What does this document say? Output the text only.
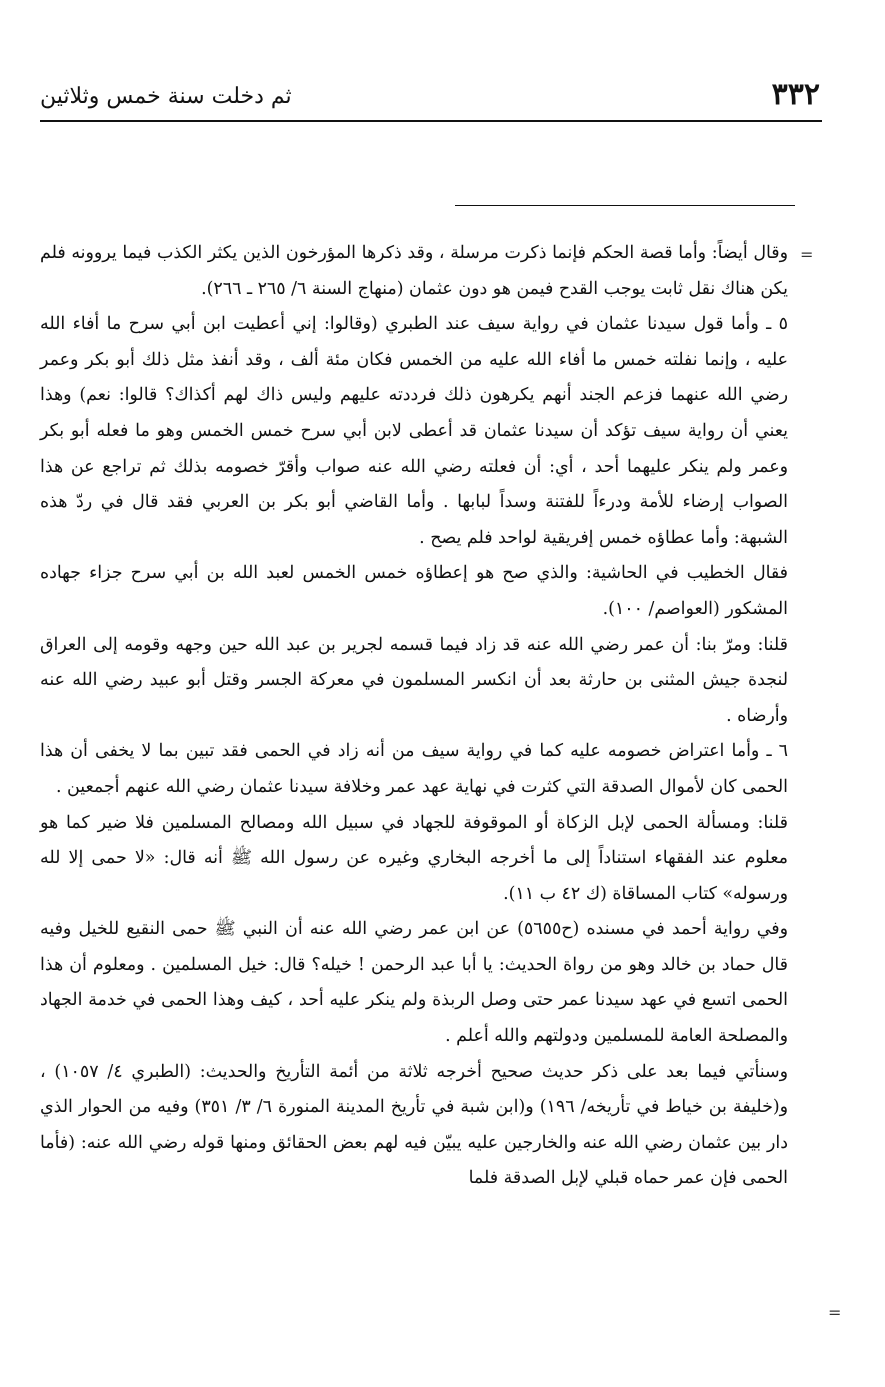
٣٣٢
ثم دخلت سنة خمس وثلاثين
=

وقال أيضاً: وأما قصة الحكم فإنما ذكرت مرسلة ، وقد ذكرها المؤرخون الذين يكثر الكذب فيما يروونه فلم يكن هناك نقل ثابت يوجب القدح فيمن هو دون عثمان (منهاج السنة ٦/ ٢٦٥ ـ ٢٦٦).

٥ ـ وأما قول سيدنا عثمان في رواية سيف عند الطبري (وقالوا: إني أعطيت ابن أبي سرح ما أفاء الله عليه ، وإنما نفلته خمس ما أفاء الله عليه من الخمس فكان مئة ألف ، وقد أنفذ مثل ذلك أبو بكر وعمر رضي الله عنهما فزعم الجند أنهم يكرهون ذلك فرددته عليهم وليس ذاك لهم أكذاك؟ قالوا: نعم) وهذا يعني أن رواية سيف تؤكد أن سيدنا عثمان قد أعطى لابن أبي سرح خمس الخمس وهو ما فعله أبو بكر وعمر ولم ينكر عليهما أحد ، أي: أن فعلته رضي الله عنه صواب وأقرّ خصومه بذلك ثم تراجع عن هذا الصواب إرضاء للأمة ودرءاً للفتنة وسداً لبابها . وأما القاضي أبو بكر بن العربي فقد قال في ردّ هذه الشبهة: وأما عطاؤه خمس إفريقية لواحد فلم يصح .

فقال الخطيب في الحاشية: والذي صح هو إعطاؤه خمس الخمس لعبد الله بن أبي سرح جزاء جهاده المشكور (العواصم/ ١٠٠).

قلنا: ومرّ بنا: أن عمر رضي الله عنه قد زاد فيما قسمه لجرير بن عبد الله حين وجهه وقومه إلى العراق لنجدة جيش المثنى بن حارثة بعد أن انكسر المسلمون في معركة الجسر وقتل أبو عبيد رضي الله عنه وأرضاه .

٦ ـ وأما اعتراض خصومه عليه كما في رواية سيف من أنه زاد في الحمى فقد تبين بما لا يخفى أن هذا الحمى كان لأموال الصدقة التي كثرت في نهاية عهد عمر وخلافة سيدنا عثمان رضي الله عنهم أجمعين .

قلنا: ومسألة الحمى لإبل الزكاة أو الموقوفة للجهاد في سبيل الله ومصالح المسلمين فلا ضير كما هو معلوم عند الفقهاء استناداً إلى ما أخرجه البخاري وغيره عن رسول الله ﷺ أنه قال: «لا حمى إلا لله ورسوله» كتاب المساقاة (ك ٤٢ ب ١١).

وفي رواية أحمد في مسنده (ح٥٦٥٥) عن ابن عمر رضي الله عنه أن النبي ﷺ حمى النقيع للخيل وفيه قال حماد بن خالد وهو من رواة الحديث: يا أبا عبد الرحمن ! خيله؟ قال: خيل المسلمين . ومعلوم أن هذا الحمى اتسع في عهد سيدنا عمر حتى وصل الربذة ولم ينكر عليه أحد ، كيف وهذا الحمى في خدمة الجهاد والمصلحة العامة للمسلمين ودولتهم والله أعلم .

وسنأتي فيما بعد على ذكر حديث صحيح أخرجه ثلاثة من أئمة التأريخ والحديث: (الطبري ٤/ ١٠٥٧) ، و(خليفة بن خياط في تأريخه/ ١٩٦) و(ابن شبة في تأريخ المدينة المنورة ٦/ ٣/ ٣٥١) وفيه من الحوار الذي دار بين عثمان رضي الله عنه والخارجين عليه يبيّن فيه لهم بعض الحقائق ومنها قوله رضي الله عنه: (فأما الحمى فإن عمر حماه قبلي لإبل الصدقة فلما

=
